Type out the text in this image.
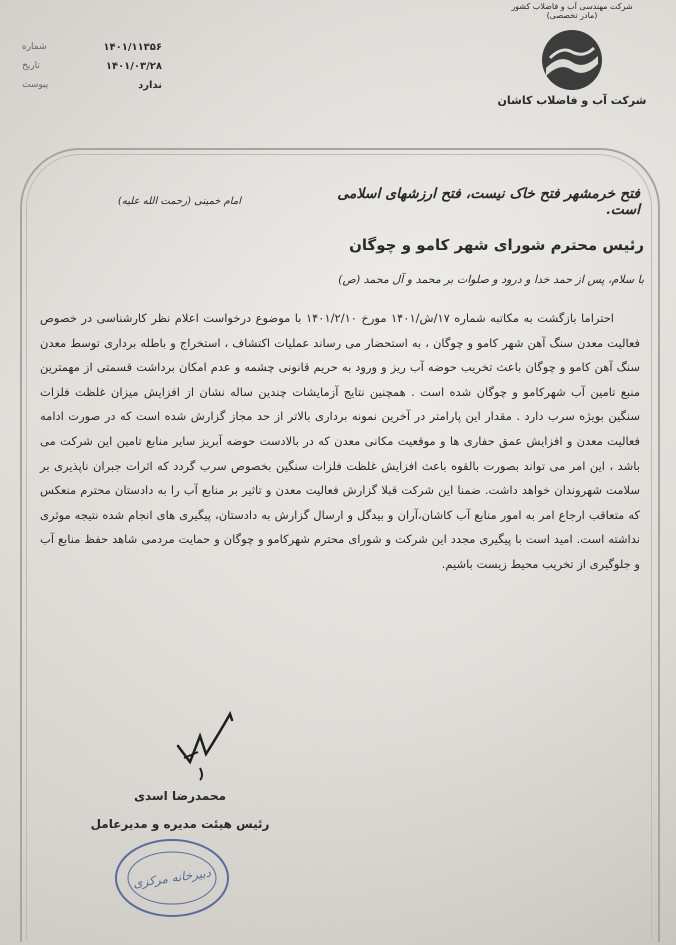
شرکت مهندسی آب و فاضلاب کشور
(مادر تخصصی)
شرکت آب و فاضلاب کاشان
۱۴۰۱/۱۱۳۵۶
شماره
۱۴۰۱/۰۳/۲۸
تاریخ
ندارد
پیوست
فتح خرمشهر فتح خاک نیست، فتح ارزشهای اسلامی است.
امام خمینی (رحمت الله علیه)
رئیس محترم شورای شهر کامو و چوگان
با سلام، پس از حمد خدا و درود و صلوات بر محمد و آل محمد (ص)

احتراما بازگشت به مکاتبه شماره ۱۷/ش/۱۴۰۱ مورخ ۱۴۰۱/۲/۱۰ با موضوع درخواست اعلام نظر کارشناسی در خصوص فعالیت معدن سنگ آهن شهر کامو و چوگان ، به استحضار می رساند عملیات اکتشاف ، استخراج و باطله برداری توسط معدن سنگ آهن کامو و چوگان باعث تخریب حوضه آب ریز و ورود به حریم قانونی چشمه و عدم امکان برداشت قسمتی از مهمترین منبع تامین آب شهرکامو و چوگان شده است . همچنین نتایج آزمایشات چندین ساله نشان از افزایش میزان غلظت فلزات سنگین بویژه سرب دارد . مقدار این پارامتر در آخرین نمونه برداری بالاتر از حد مجاز گزارش شده است که در صورت ادامه فعالیت معدن و افزایش عمق حفاری ها و موقعیت مکانی معدن که در بالادست حوضه آبریز سایر منابع تامین این شرکت می باشد ، این امر می تواند بصورت بالقوه باعث افزایش غلظت فلزات سنگین بخصوص سرب گردد که اثرات جبران ناپذیری بر سلامت شهروندان خواهد داشت. ضمنا این شرکت قبلا گزارش فعالیت معدن و تاثیر بر منابع آب را به دادستان محترم منعکس که متعاقب ارجاع امر به امور منابع آب کاشان،آران و بیدگل و ارسال گزارش به دادستان، پیگیری های انجام شده نتیجه موثری نداشته است. امید است با پیگیری مجدد این شرکت و شورای محترم شهرکامو و چوگان و حمایت مردمی شاهد حفظ منابع آب و جلوگیری از تخریب محیط زیست باشیم.

محمدرضا اسدی
رئیس هیئت مدیره و مدیرعامل
دبیرخانه مرکزی
